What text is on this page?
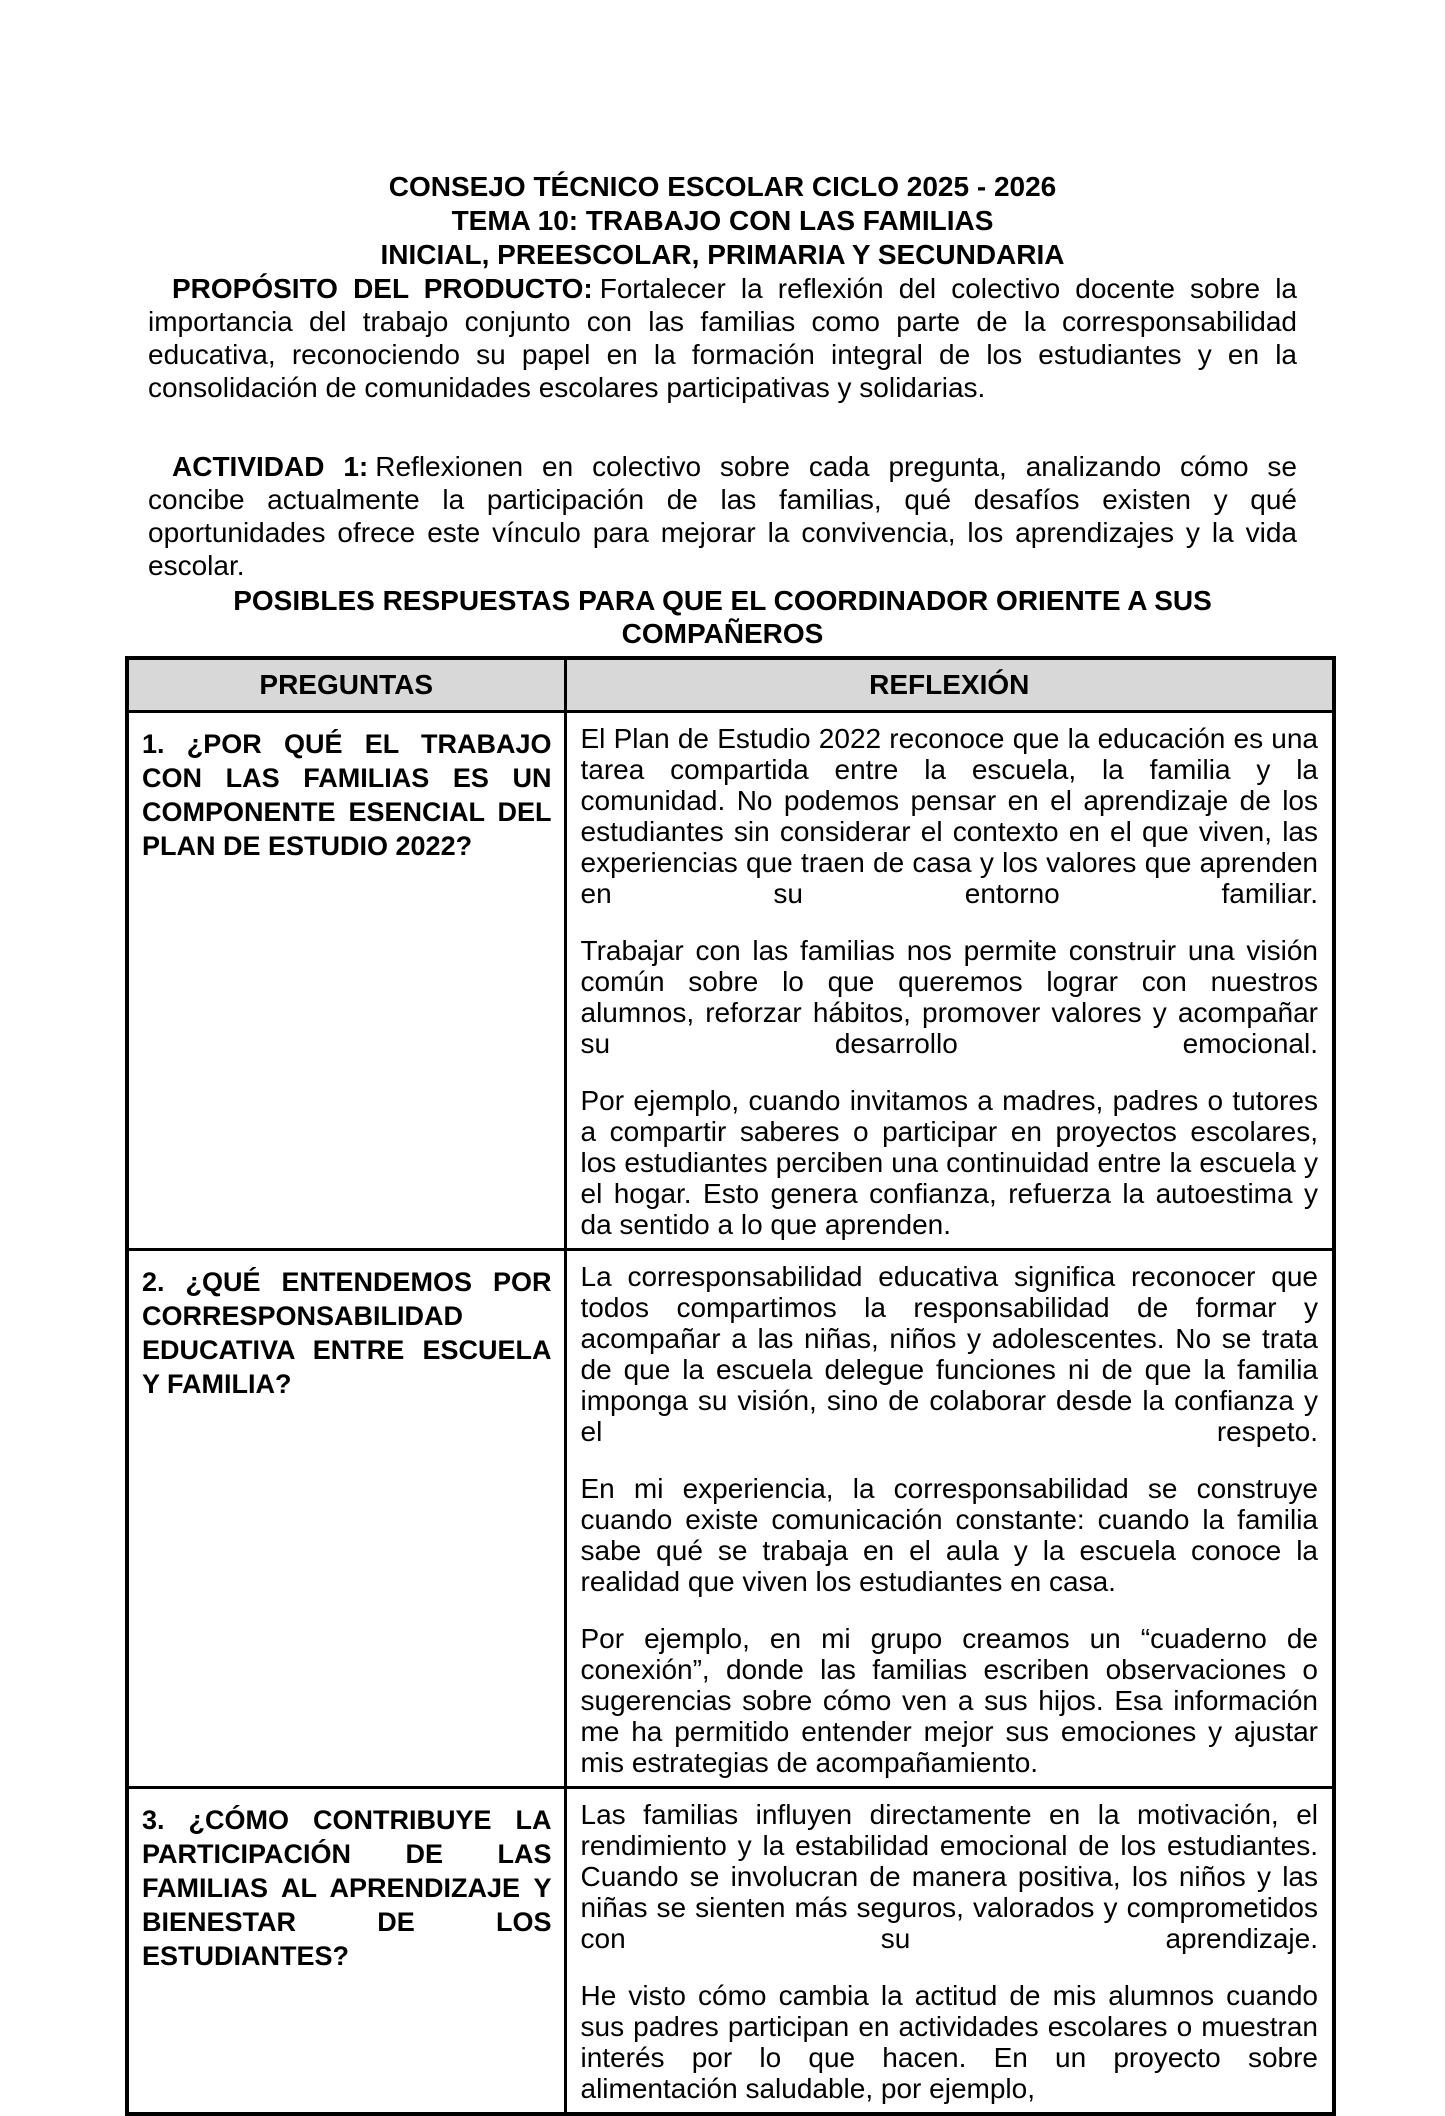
CONSEJO TÉCNICO ESCOLAR CICLO 2025 - 2026
TEMA 10: TRABAJO CON LAS FAMILIAS
INICIAL, PREESCOLAR, PRIMARIA Y SECUNDARIA

PROPÓSITO DEL PRODUCTO: Fortalecer la reflexión del colectivo docente sobre la importancia del trabajo conjunto con las familias como parte de la corresponsabilidad educativa, reconociendo su papel en la formación integral de los estudiantes y en la consolidación de comunidades escolares participativas y solidarias.

ACTIVIDAD 1: Reflexionen en colectivo sobre cada pregunta, analizando cómo se concibe actualmente la participación de las familias, qué desafíos existen y qué oportunidades ofrece este vínculo para mejorar la convivencia, los aprendizajes y la vida escolar.

POSIBLES RESPUESTAS PARA QUE EL COORDINADOR ORIENTE A SUS COMPAÑEROS
PREGUNTAS	REFLEXIÓN
1. ¿POR QUÉ EL TRABAJO CON LAS FAMILIAS ES UN COMPONENTE ESENCIAL DEL PLAN DE ESTUDIO 2022?	El Plan de Estudio 2022 reconoce que la educación es una tarea compartida entre la escuela, la familia y la comunidad. No podemos pensar en el aprendizaje de los estudiantes sin considerar el contexto en el que viven, las experiencias que traen de casa y los valores que aprenden en su entorno familiar.

Trabajar con las familias nos permite construir una visión común sobre lo que queremos lograr con nuestros alumnos, reforzar hábitos, promover valores y acompañar su desarrollo emocional.

Por ejemplo, cuando invitamos a madres, padres o tutores a compartir saberes o participar en proyectos escolares, los estudiantes perciben una continuidad entre la escuela y el hogar. Esto genera confianza, refuerza la autoestima y da sentido a lo que aprenden.

2. ¿QUÉ ENTENDEMOS POR CORRESPONSABILIDAD EDUCATIVA ENTRE ESCUELA Y FAMILIA?	La corresponsabilidad educativa significa reconocer que todos compartimos la responsabilidad de formar y acompañar a las niñas, niños y adolescentes. No se trata de que la escuela delegue funciones ni de que la familia imponga su visión, sino de colaborar desde la confianza y el respeto.

En mi experiencia, la corresponsabilidad se construye cuando existe comunicación constante: cuando la familia sabe qué se trabaja en el aula y la escuela conoce la realidad que viven los estudiantes en casa.

Por ejemplo, en mi grupo creamos un “cuaderno de conexión”, donde las familias escriben observaciones o sugerencias sobre cómo ven a sus hijos. Esa información me ha permitido entender mejor sus emociones y ajustar mis estrategias de acompañamiento.

3. ¿CÓMO CONTRIBUYE LA PARTICIPACIÓN DE LAS FAMILIAS AL APRENDIZAJE Y BIENESTAR DE LOS ESTUDIANTES?	Las familias influyen directamente en la motivación, el rendimiento y la estabilidad emocional de los estudiantes. Cuando se involucran de manera positiva, los niños y las niñas se sienten más seguros, valorados y comprometidos con su aprendizaje.

He visto cómo cambia la actitud de mis alumnos cuando sus padres participan en actividades escolares o muestran interés por lo que hacen. En un proyecto sobre alimentación saludable, por ejemplo,
